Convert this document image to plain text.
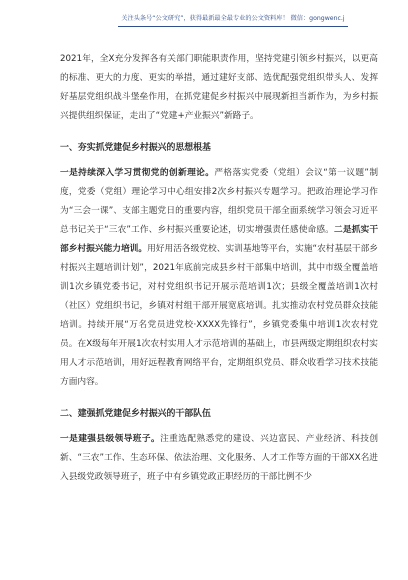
关注头条号“公文研究”，获得最新最全最专业的公文资料库！ 微信：gongwenc.j

2021年，全X充分发挥各有关部门职能职责作用，坚持党建引领乡村振兴，以更高的标准、更大的力度、更实的举措，通过建好支部、选优配强党组织带头人、发挥好基层党组织战斗堡垒作用，在抓党建促乡村振兴中展现新担当新作为，为乡村振兴提供组织保证，走出了“党建+产业振兴”新路子。

一、夯实抓党建促乡村振兴的思想根基

一是持续深入学习贯彻党的创新理论。严格落实党委（党组）会议“第一议题”制度，党委（党组）理论学习中心组安排2次乡村振兴专题学习。把政治理论学习作为“三会一课”、支部主题党日的重要内容，组织党员干部全面系统学习领会习近平总书记关于“三农”工作、乡村振兴重要论述，切实增强责任感使命感。二是抓实干部乡村振兴能力培训。用好用活各级党校、实训基地等平台，实施“农村基层干部乡村振兴主题培训计划”，2021年底前完成县乡村干部集中培训，其中市级全覆盖培训1次乡镇党委书记，对村党组织书记开展示范培训1次；县级全覆盖培训1次村（社区）党组织书记，乡镇对村组干部开展宽底培训。扎实推动农村党员群众技能培训。持续开展“万名党员进党校·XXXX先锋行”，乡镇党委集中培训1次农村党员。在X级每年开展1次农村实用人才示范培训的基础上，市县两级定期组织农村实用人才示范培训，用好远程教育网络平台，定期组织党员、群众收看学习技术技能方面内容。

二、建强抓党建促乡村振兴的干部队伍

一是建强县级领导班子。注重选配熟悉党的建设、兴边富民、产业经济、科技创新、“三农”工作、生态环保、依法治理、文化服务、人才工作等方面的干部XX名进入县级党政领导班子，班子中有乡镇党政正职经历的干部比例不少
